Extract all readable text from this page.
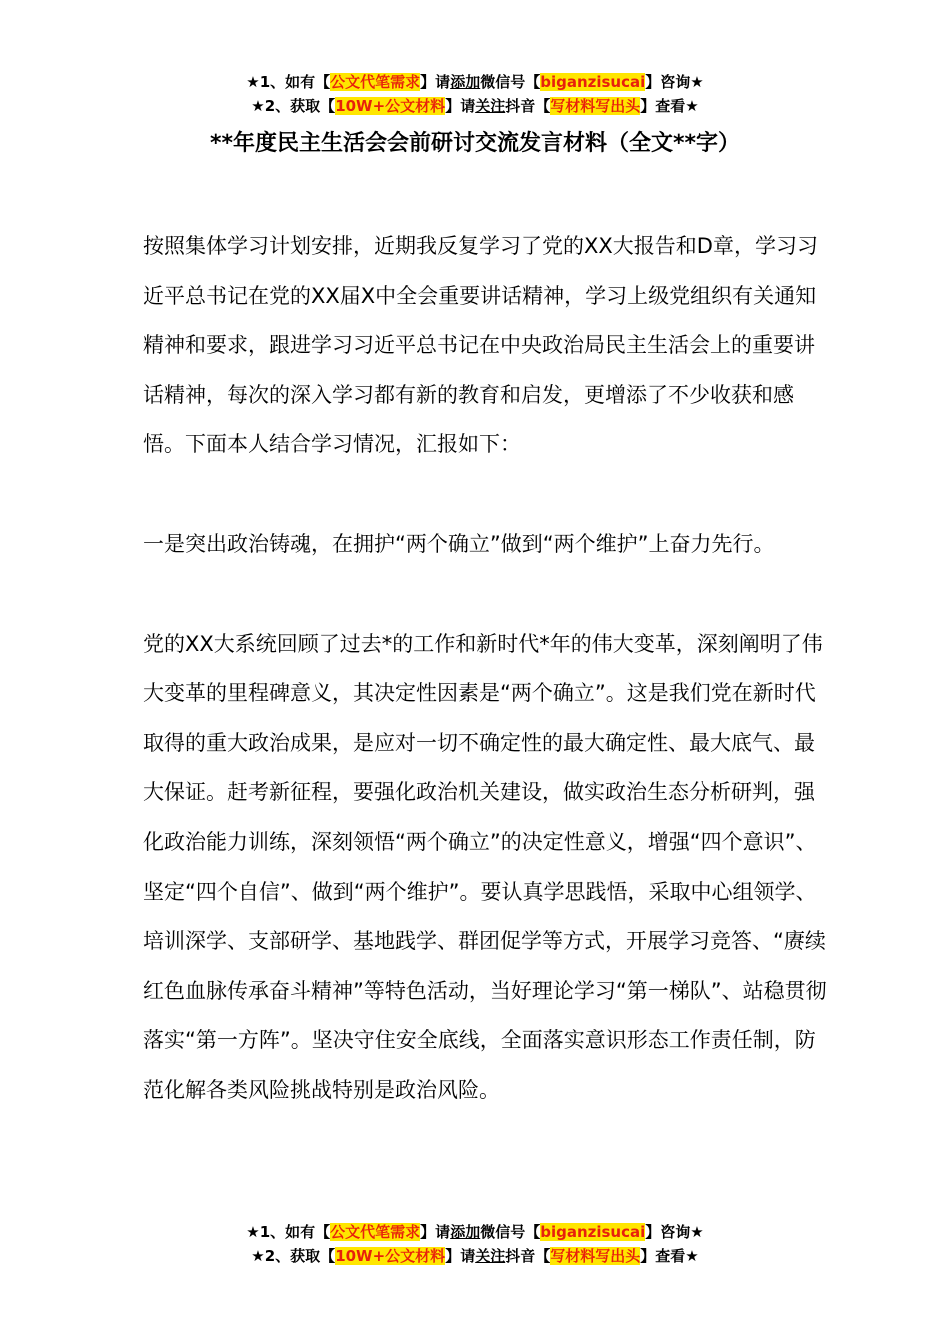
★1、如有【公文代笔需求】请添加微信号【biganzisucai】咨询★
★2、获取【10W+公文材料】请关注抖音【写材料写出头】查看★
**年度民主生活会会前研讨交流发言材料（全文**字）

按照集体学习计划安排，近期我反复学习了党的XX大报告和D章，学习习近平总书记在党的XX届X中全会重要讲话精神，学习上级党组织有关通知精神和要求，跟进学习习近平总书记在中央政治局民主生活会上的重要讲话精神，每次的深入学习都有新的教育和启发，更增添了不少收获和感悟。下面本人结合学习情况，汇报如下：

一是突出政治铸魂，在拥护“两个确立”做到“两个维护”上奋力先行。

党的XX大系统回顾了过去*的工作和新时代*年的伟大变革，深刻阐明了伟大变革的里程碑意义，其决定性因素是“两个确立”。这是我们党在新时代取得的重大政治成果，是应对一切不确定性的最大确定性、最大底气、最大保证。赶考新征程，要强化政治机关建设，做实政治生态分析研判，强化政治能力训练，深刻领悟“两个确立”的决定性意义，增强“四个意识”、坚定“四个自信”、做到“两个维护”。要认真学思践悟，采取中心组领学、培训深学、支部研学、基地践学、群团促学等方式，开展学习竞答、“赓续红色血脉传承奋斗精神”等特色活动，当好理论学习“第一梯队”、站稳贯彻落实“第一方阵”。坚决守住安全底线，全面落实意识形态工作责任制，防范化解各类风险挑战特别是政治风险。

★1、如有【公文代笔需求】请添加微信号【biganzisucai】咨询★
★2、获取【10W+公文材料】请关注抖音【写材料写出头】查看★
